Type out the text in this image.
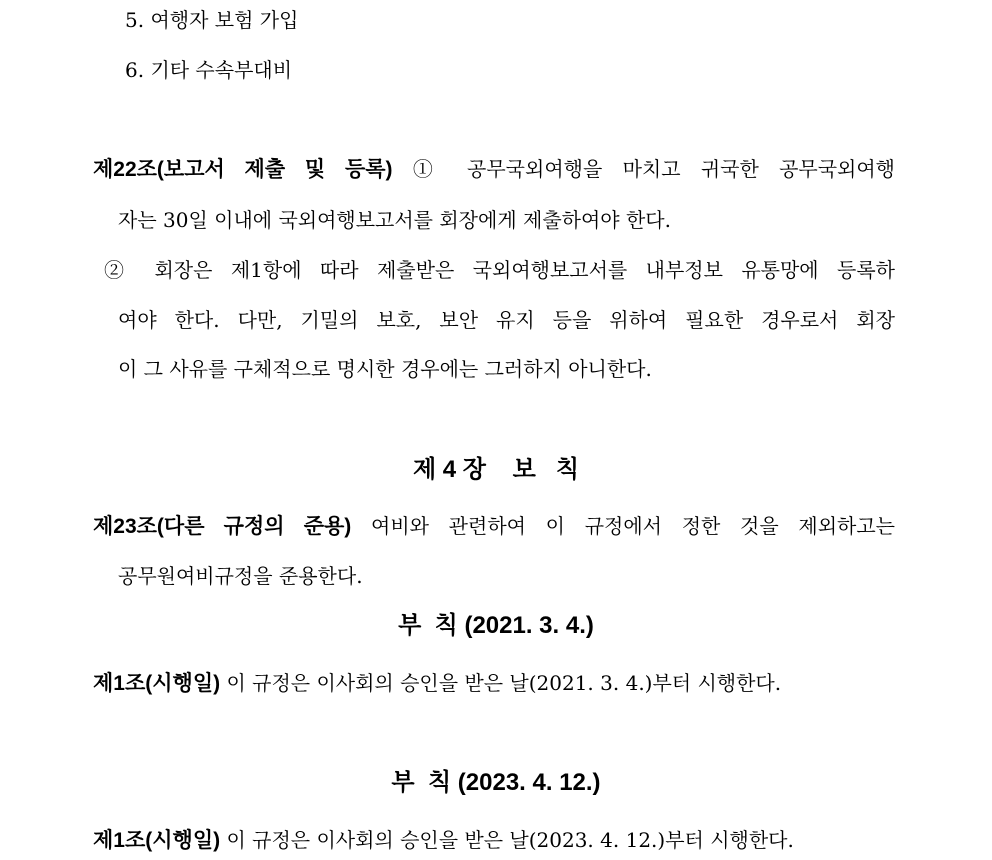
5. 여행자 보험 가입
6. 기타 수속부대비
제22조(보고서 제출 및 등록) ① 공무국외여행을 마치고 귀국한 공무국외여행
자는 30일 이내에 국외여행보고서를 회장에게 제출하여야 한다.
② 회장은 제1항에 따라 제출받은 국외여행보고서를 내부정보 유통망에 등록하
여야 한다. 다만, 기밀의 보호, 보안 유지 등을 위하여 필요한 경우로서 회장
이 그 사유를 구체적으로 명시한 경우에는 그러하지 아니한다.
제 4 장    보   칙
제23조(다른 규정의 준용) 여비와 관련하여 이 규정에서 정한 것을 제외하고는
공무원여비규정을 준용한다.
부  칙 (2021. 3. 4.)
제1조(시행일) 이 규정은 이사회의 승인을 받은 날(2021. 3. 4.)부터 시행한다.
부  칙 (2023. 4. 12.)
제1조(시행일) 이 규정은 이사회의 승인을 받은 날(2023. 4. 12.)부터 시행한다.
